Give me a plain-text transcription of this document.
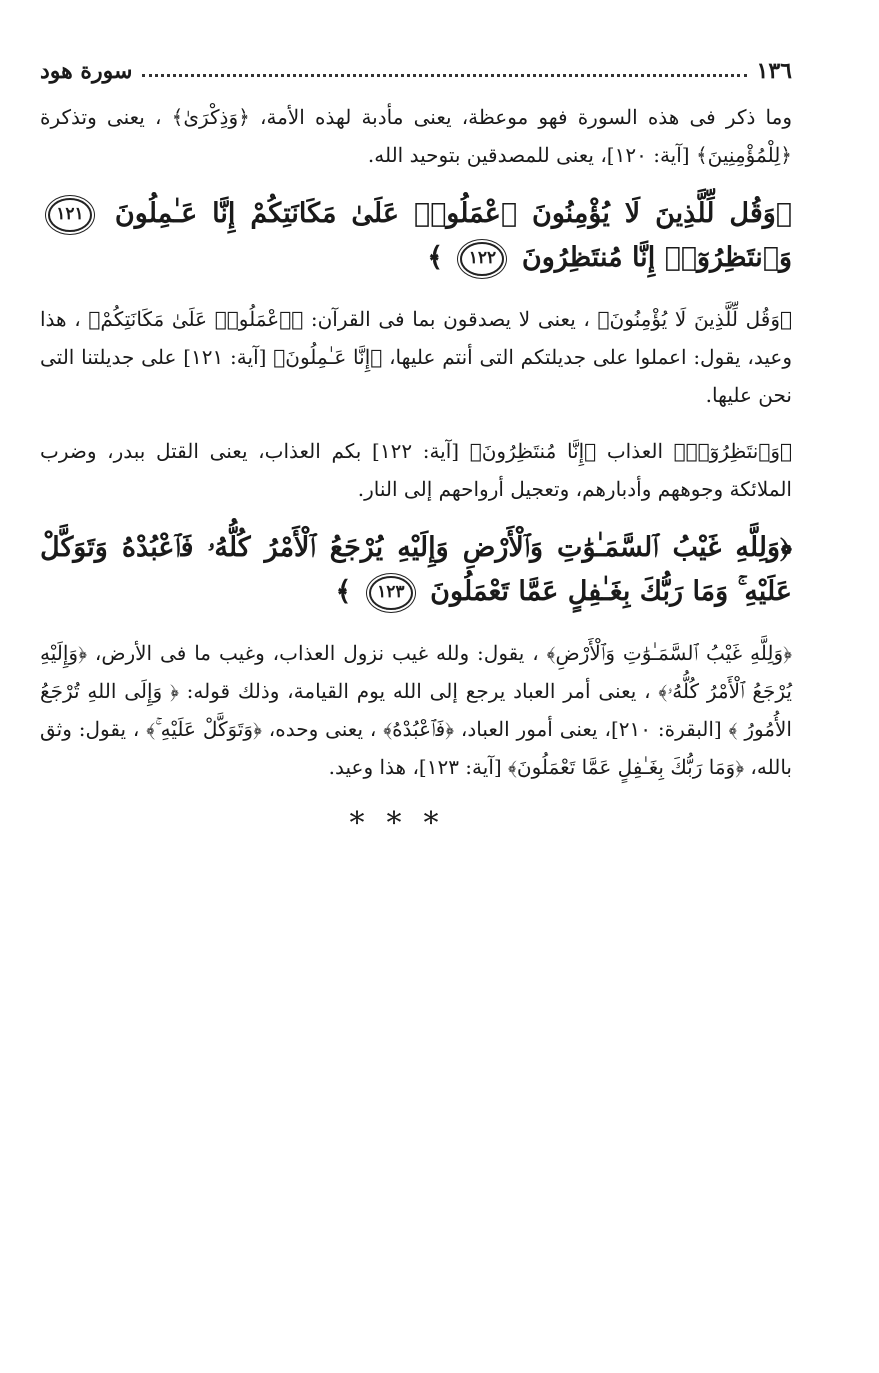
١٣٦
سورة هود

وما ذكر فى هذه السورة فهو موعظة، يعنى مأدبة لهذه الأمة، ﴿وَذِكْرَىٰ﴾ ، يعنى وتذكرة ﴿لِلْمُؤْمِنِينَ﴾ [آية: ١٢٠]، يعنى للمصدقين بتوحيد الله.

﴿وَقُل لِّلَّذِينَ لَا يُؤْمِنُونَ ٱعْمَلُوا۟ عَلَىٰ مَكَانَتِكُمْ إِنَّا عَـٰمِلُونَ ١٢١ وَٱنتَظِرُوٓا۟ إِنَّا مُنتَظِرُونَ ١٢٢ ﴾

﴿وَقُل لِّلَّذِينَ لَا يُؤْمِنُونَ﴾ ، يعنى لا يصدقون بما فى القرآن: ﴿ٱعْمَلُوا۟ عَلَىٰ مَكَانَتِكُمْ﴾ ، هذا وعيد، يقول: اعملوا على جديلتكم التى أنتم عليها، ﴿إِنَّا عَـٰمِلُونَ﴾ [آية: ١٢١] على جديلتنا التى نحن عليها.

﴿وَٱنتَظِرُوٓا۟﴾ العذاب ﴿إِنَّا مُنتَظِرُونَ﴾ [آية: ١٢٢] بكم العذاب، يعنى القتل ببدر، وضرب الملائكة وجوههم وأدبارهم، وتعجيل أرواحهم إلى النار.

﴿وَلِلَّهِ غَيْبُ ٱلسَّمَـٰوَٰتِ وَٱلْأَرْضِ وَإِلَيْهِ يُرْجَعُ ٱلْأَمْرُ كُلُّهُۥ فَٱعْبُدْهُ وَتَوَكَّلْ عَلَيْهِ ۚ وَمَا رَبُّكَ بِغَـٰفِلٍ عَمَّا تَعْمَلُونَ ١٢٣ ﴾

﴿وَلِلَّهِ غَيْبُ ٱلسَّمَـٰوَٰتِ وَٱلْأَرْضِ﴾ ، يقول: ولله غيب نزول العذاب، وغيب ما فى الأرض، ﴿وَإِلَيْهِ يُرْجَعُ ٱلْأَمْرُ كُلُّهُۥ﴾ ، يعنى أمر العباد يرجع إلى الله يوم القيامة، وذلك قوله: ﴿ وَإِلَى اللهِ تُرْجَعُ الأُمُورُ ﴾ [البقرة: ٢١٠]، يعنى أمور العباد، ﴿فَٱعْبُدْهُ﴾ ، يعنى وحده، ﴿وَتَوَكَّلْ عَلَيْهِ ۚ﴾ ، يقول: وثق بالله، ﴿وَمَا رَبُّكَ بِغَـٰفِلٍ عَمَّا تَعْمَلُونَ﴾ [آية: ١٢٣]، هذا وعيد.

***
